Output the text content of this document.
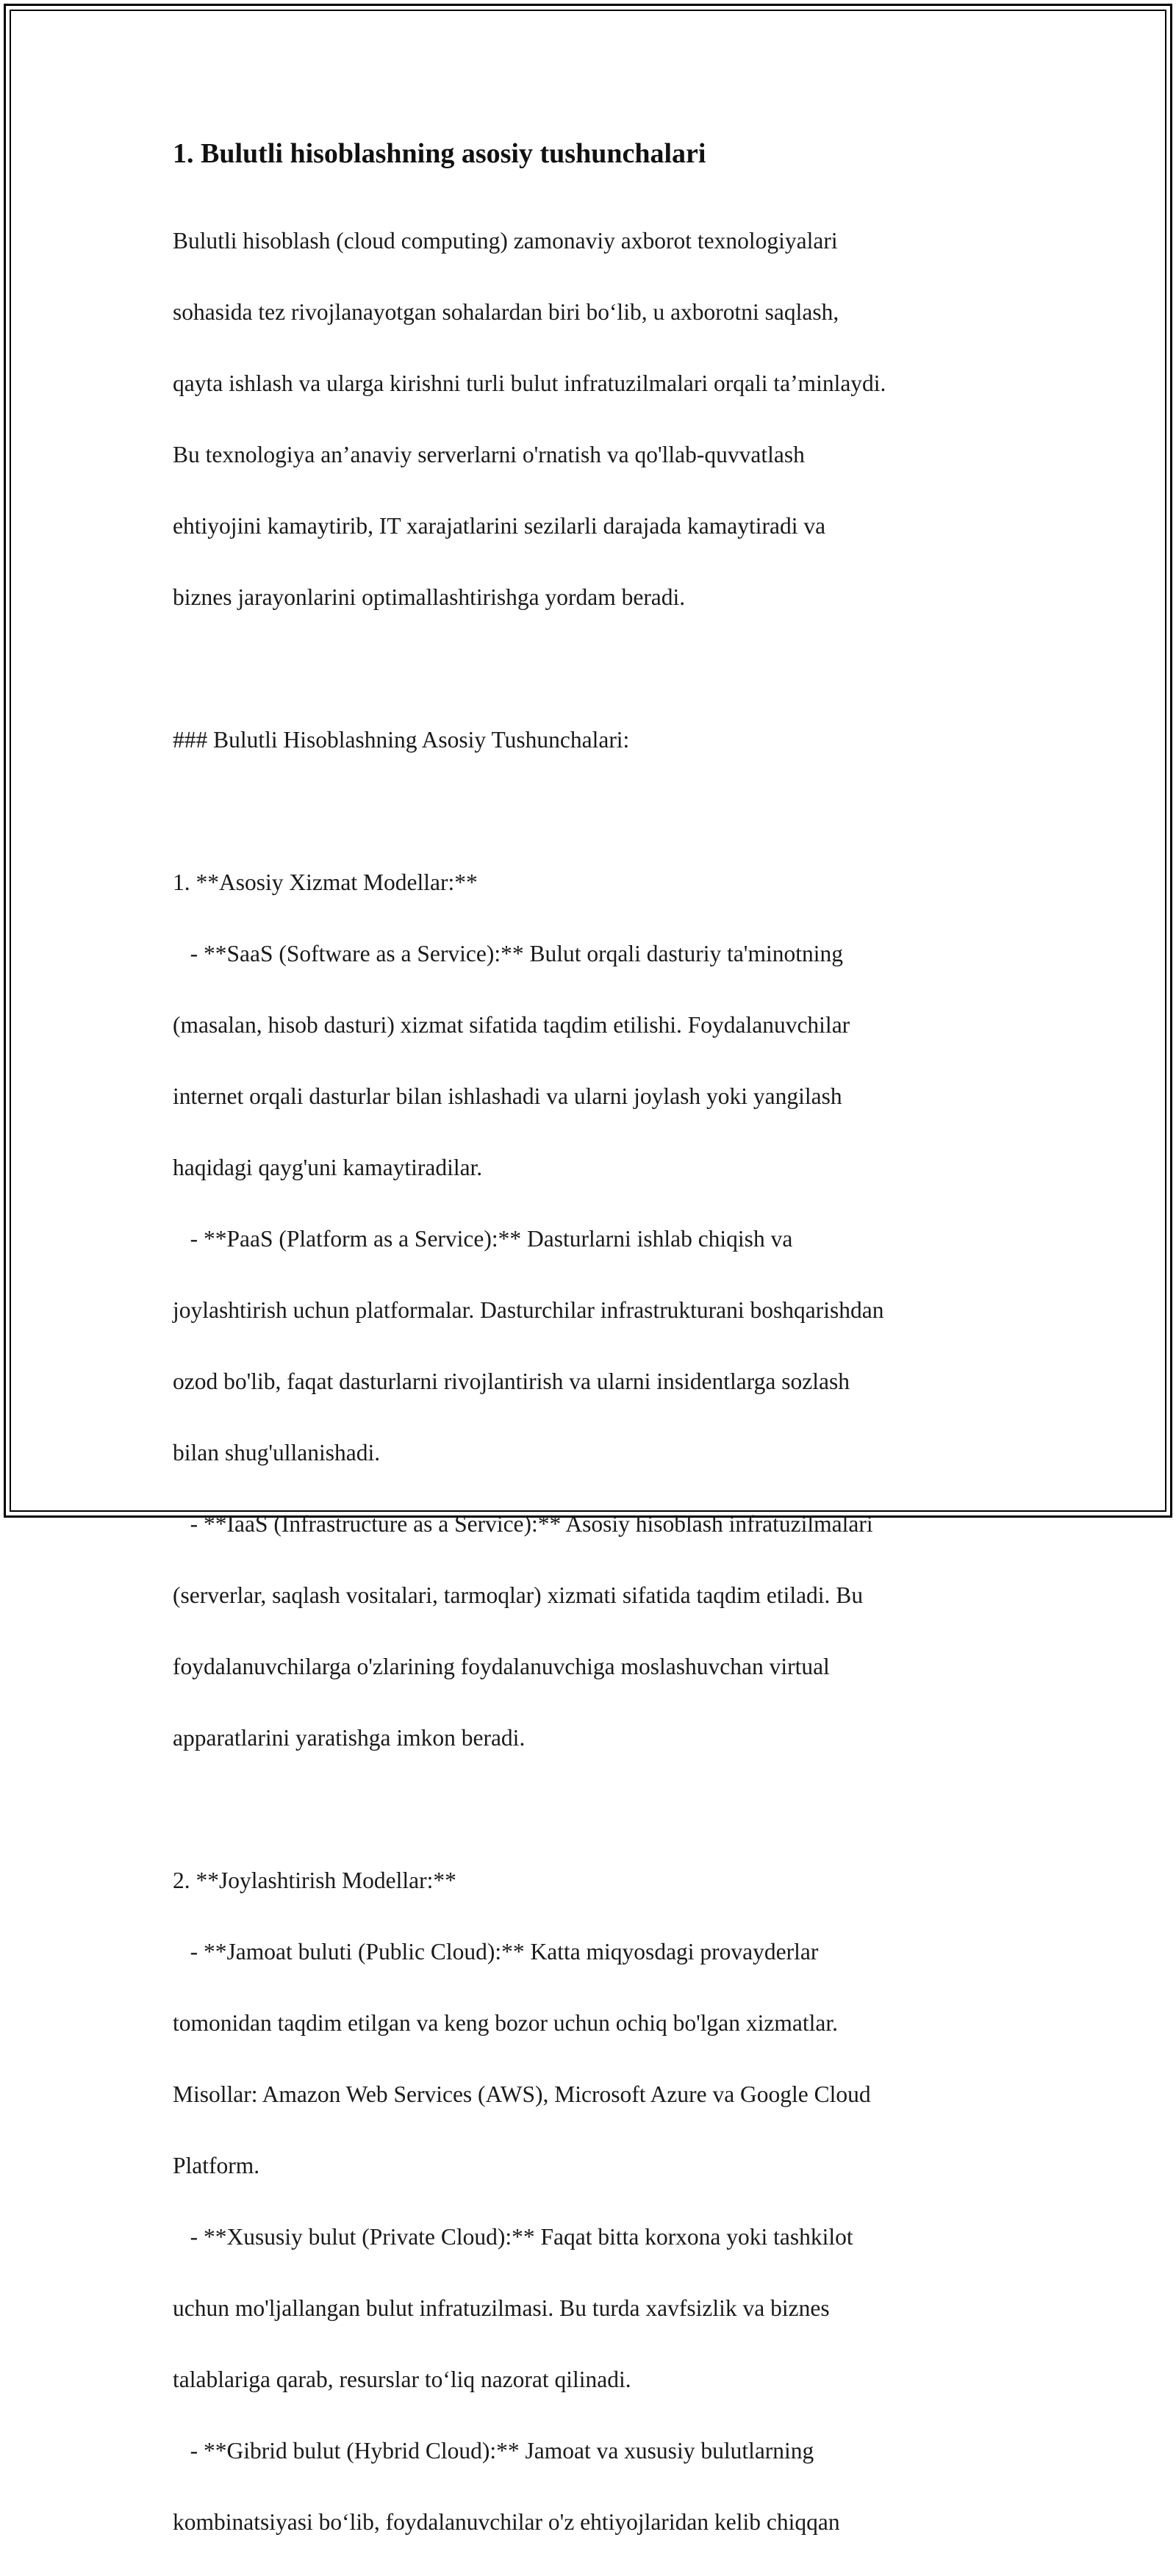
1. Bulutli hisoblashning asosiy tushunchalari

Bulutli hisoblash (cloud computing) zamonaviy axborot texnologiyalari

sohasida tez rivojlanayotgan sohalardan biri bo‘lib, u axborotni saqlash,

qayta ishlash va ularga kirishni turli bulut infratuzilmalari orqali ta’minlaydi.

Bu texnologiya an’anaviy serverlarni o'rnatish va qo'llab-quvvatlash

ehtiyojini kamaytirib, IT xarajatlarini sezilarli darajada kamaytiradi va

biznes jarayonlarini optimallashtirishga yordam beradi.

### Bulutli Hisoblashning Asosiy Tushunchalari:

1. **Asosiy Xizmat Modellar:**

- **SaaS (Software as a Service):** Bulut orqali dasturiy ta'minotning

(masalan, hisob dasturi) xizmat sifatida taqdim etilishi. Foydalanuvchilar

internet orqali dasturlar bilan ishlashadi va ularni joylash yoki yangilash

haqidagi qayg'uni kamaytiradilar.

- **PaaS (Platform as a Service):** Dasturlarni ishlab chiqish va

joylashtirish uchun platformalar. Dasturchilar infrastrukturani boshqarishdan

ozod bo'lib, faqat dasturlarni rivojlantirish va ularni insidentlarga sozlash

bilan shug'ullanishadi.

- **IaaS (Infrastructure as a Service):** Asosiy hisoblash infratuzilmalari

(serverlar, saqlash vositalari, tarmoqlar) xizmati sifatida taqdim etiladi. Bu

foydalanuvchilarga o'zlarining foydalanuvchiga moslashuvchan virtual

apparatlarini yaratishga imkon beradi.

2. **Joylashtirish Modellar:**

- **Jamoat buluti (Public Cloud):** Katta miqyosdagi provayderlar

tomonidan taqdim etilgan va keng bozor uchun ochiq bo'lgan xizmatlar.

Misollar: Amazon Web Services (AWS), Microsoft Azure va Google Cloud

Platform.

- **Xususiy bulut (Private Cloud):** Faqat bitta korxona yoki tashkilot

uchun mo'ljallangan bulut infratuzilmasi. Bu turda xavfsizlik va biznes

talablariga qarab, resurslar to‘liq nazorat qilinadi.

- **Gibrid bulut (Hybrid Cloud):** Jamoat va xususiy bulutlarning

kombinatsiyasi bo‘lib, foydalanuvchilar o'z ehtiyojlaridan kelib chiqqan
